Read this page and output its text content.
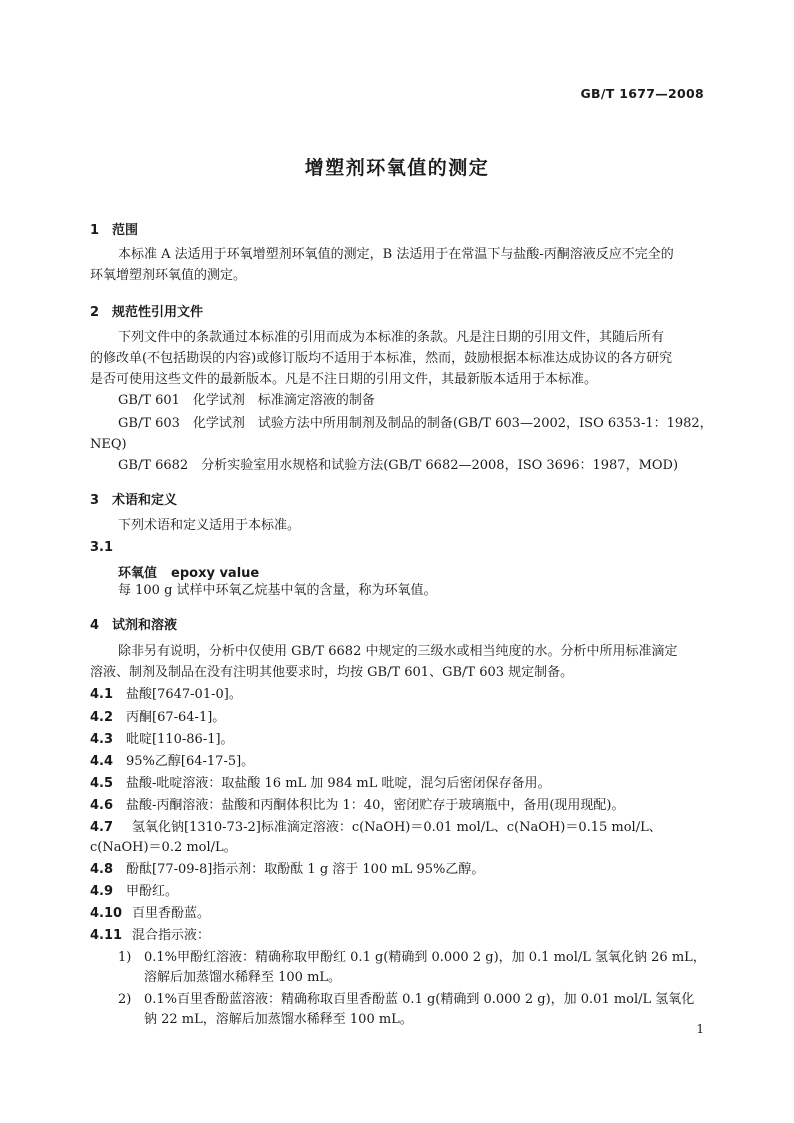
GB/T 1677—2008
增塑剂环氧值的测定
1 范围
本标准 A 法适用于环氧增塑剂环氧值的测定，B 法适用于在常温下与盐酸-丙酮溶液反应不完全的
环氧增塑剂环氧值的测定。
2 规范性引用文件
下列文件中的条款通过本标准的引用而成为本标准的条款。凡是注日期的引用文件，其随后所有
的修改单(不包括勘误的内容)或修订版均不适用于本标准，然而，鼓励根据本标准达成协议的各方研究
是否可使用这些文件的最新版本。凡是不注日期的引用文件，其最新版本适用于本标准。
GB/T 601　化学试剂　标准滴定溶液的制备
GB/T 603　化学试剂　试验方法中所用制剂及制品的制备(GB/T 603—2002，ISO 6353-1：1982，
NEQ)
GB/T 6682　分析实验室用水规格和试验方法(GB/T 6682—2008，ISO 3696：1987，MOD)
3 术语和定义
下列术语和定义适用于本标准。
3.1
环氧值 epoxy value
每 100 g 试样中环氧乙烷基中氧的含量，称为环氧值。
4 试剂和溶液
除非另有说明，分析中仅使用 GB/T 6682 中规定的三级水或相当纯度的水。分析中所用标准滴定
溶液、制剂及制品在没有注明其他要求时，均按 GB/T 601、GB/T 603 规定制备。
4.1 盐酸[7647-01-0]。
4.2 丙酮[67-64-1]。
4.3 吡啶[110-86-1]。
4.4 95%乙醇[64-17-5]。
4.5 盐酸-吡啶溶液：取盐酸 16 mL 加 984 mL 吡啶，混匀后密闭保存备用。
4.6 盐酸-丙酮溶液：盐酸和丙酮体积比为 1：40，密闭贮存于玻璃瓶中，备用(现用现配)。
4.7 氢氧化钠[1310-73-2]标准滴定溶液：c(NaOH)＝0.01 mol/L、c(NaOH)＝0.15 mol/L、
c(NaOH)＝0.2 mol/L。
4.8 酚酞[77-09-8]指示剂：取酚酞 1 g 溶于 100 mL 95%乙醇。
4.9 甲酚红。
4.10 百里香酚蓝。
4.11 混合指示液：
1) 0.1%甲酚红溶液：精确称取甲酚红 0.1 g(精确到 0.000 2 g)，加 0.1 mol/L 氢氧化钠 26 mL，
溶解后加蒸馏水稀释至 100 mL。
2) 0.1%百里香酚蓝溶液：精确称取百里香酚蓝 0.1 g(精确到 0.000 2 g)，加 0.01 mol/L 氢氧化
钠 22 mL，溶解后加蒸馏水稀释至 100 mL。
1
